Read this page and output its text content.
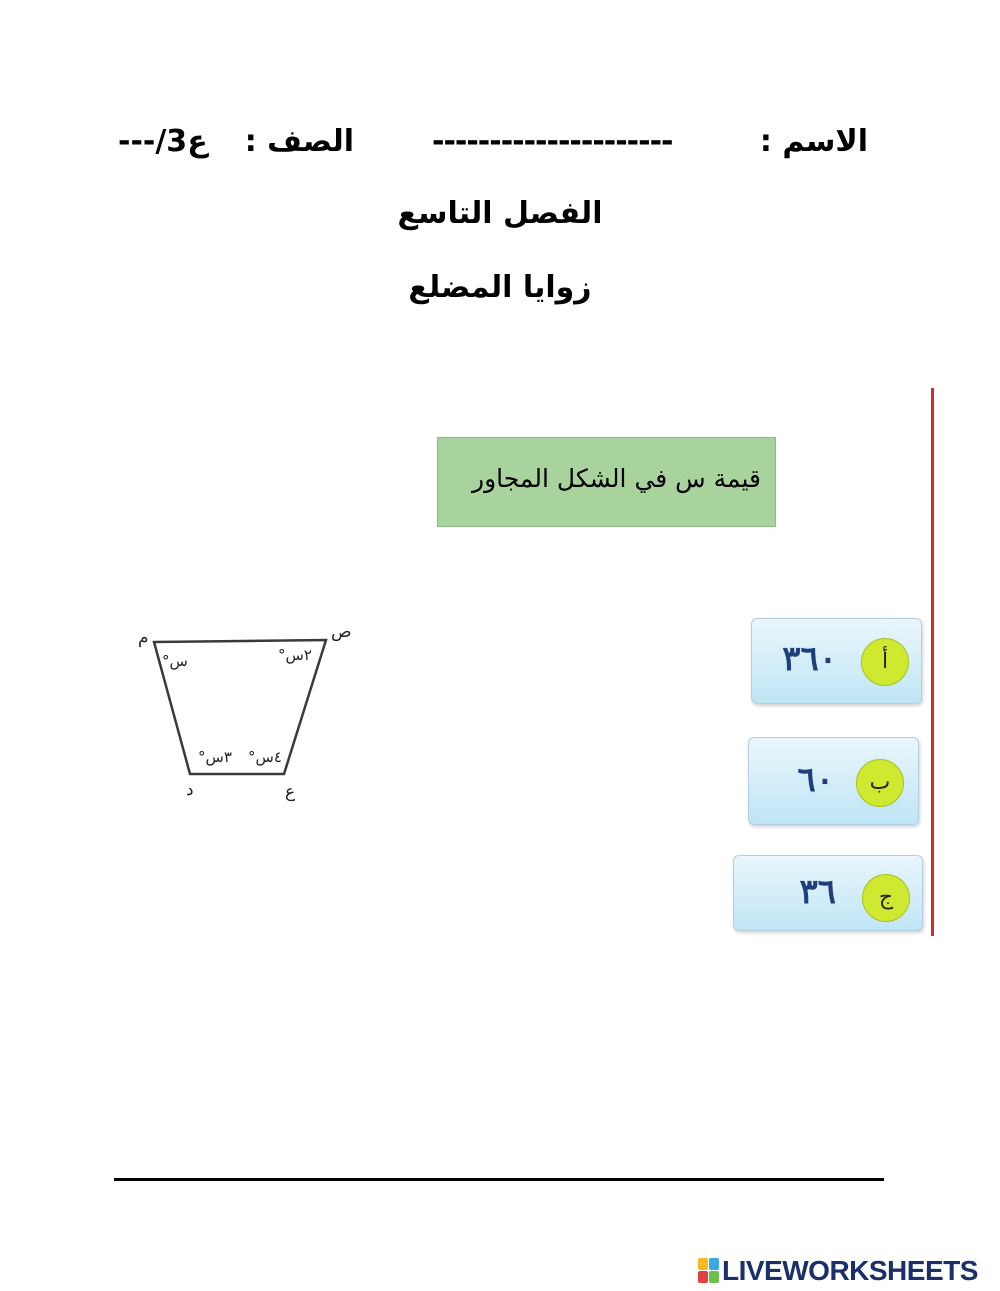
الاسم :
---------------------
الصف :
---/3ع
الفصل التاسع
زوايا المضلع
قيمة س في الشكل المجاور
م	ص
د	ع
س°	٢س°
٣س° ٤س°
٣٦٠	أ
٦٠	ب
٣٦	ج
LIVEWORKSHEETS
